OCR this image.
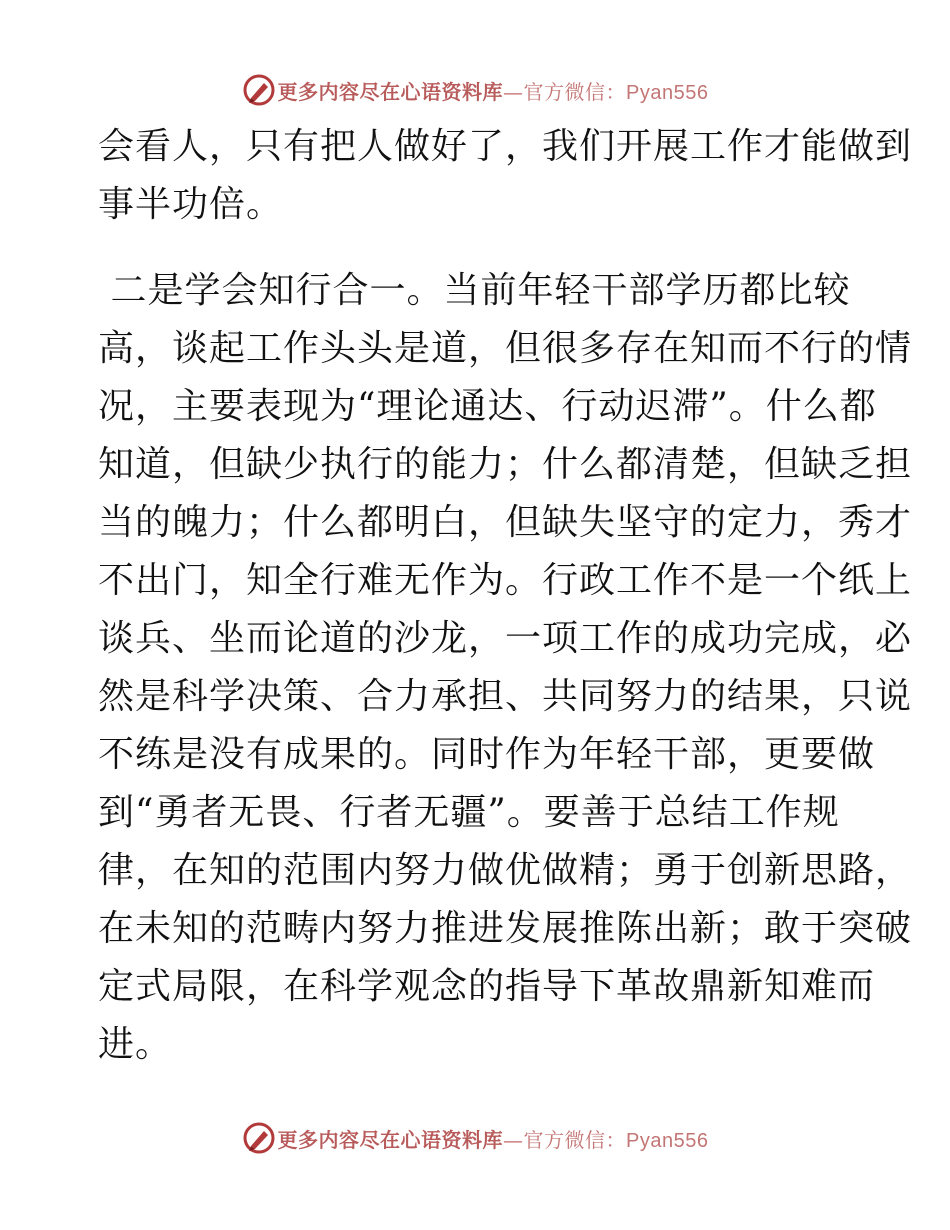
更多内容尽在心语资料库—官方微信：Pyan556
会看人，只有把人做好了，我们开展工作才能做到
事半功倍。
二是学会知行合一。当前年轻干部学历都比较
高，谈起工作头头是道，但很多存在知而不行的情
况，主要表现为“理论通达、行动迟滞”。什么都
知道，但缺少执行的能力；什么都清楚，但缺乏担
当的魄力；什么都明白，但缺失坚守的定力，秀才
不出门，知全行难无作为。行政工作不是一个纸上
谈兵、坐而论道的沙龙，一项工作的成功完成，必
然是科学决策、合力承担、共同努力的结果，只说
不练是没有成果的。同时作为年轻干部，更要做
到“勇者无畏、行者无疆”。要善于总结工作规
律，在知的范围内努力做优做精；勇于创新思路，
在未知的范畴内努力推进发展推陈出新；敢于突破
定式局限，在科学观念的指导下革故鼎新知难而
进。
更多内容尽在心语资料库—官方微信：Pyan556
